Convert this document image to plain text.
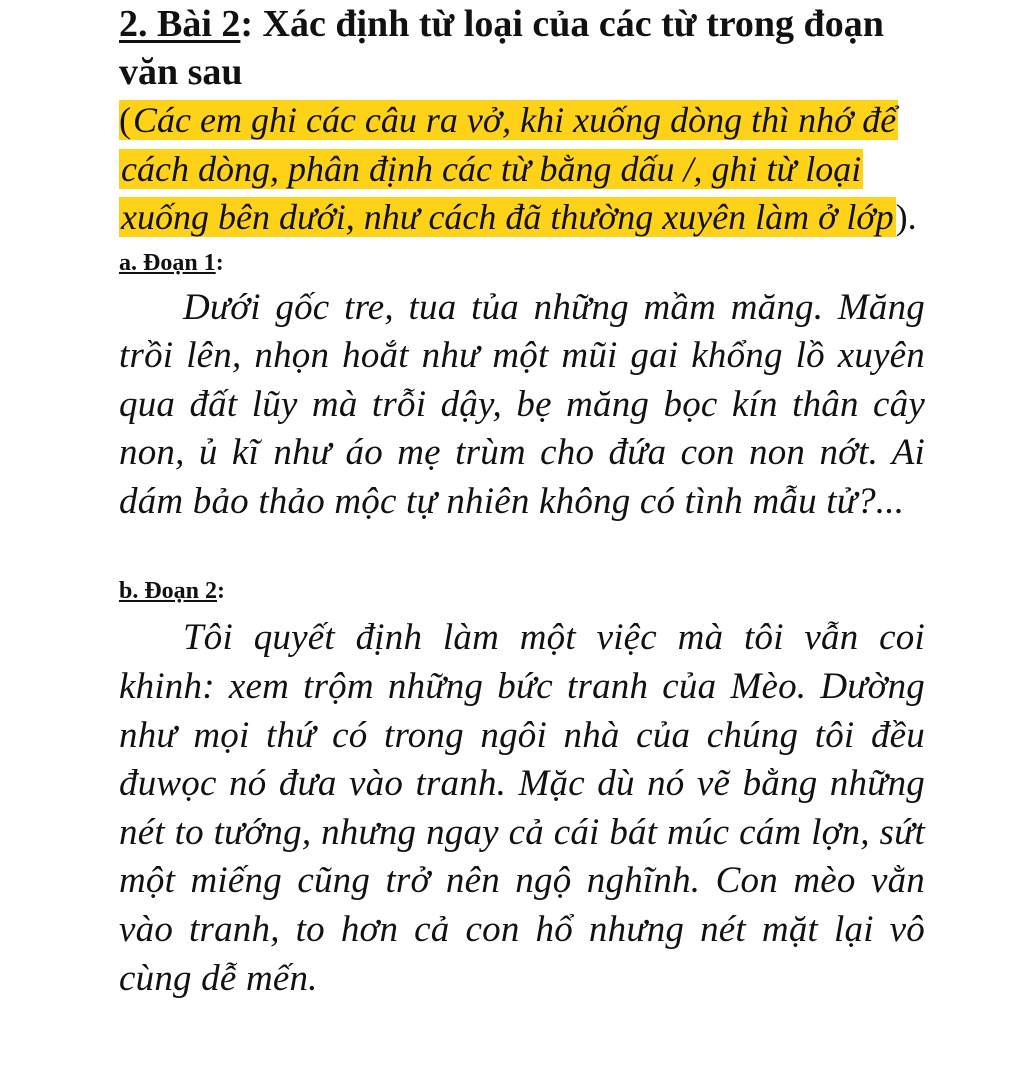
2. Bài 2: Xác định từ loại của các từ trong đoạn văn sau

(Các em ghi các câu ra vở, khi xuống dòng thì nhớ để cách dòng, phân định các từ bằng dấu /, ghi từ loại xuống bên dưới, như cách đã thường xuyên làm ở lớp).

a. Đoạn 1:

Dưới gốc tre, tua tủa những mầm măng. Măng trồi lên, nhọn hoắt như một mũi gai khổng lồ xuyên qua đất lũy mà trỗi dậy, bẹ măng bọc kín thân cây non, ủ kĩ như áo mẹ trùm cho đứa con non nớt. Ai dám bảo thảo mộc tự nhiên không có tình mẫu tử?...

b. Đoạn 2:

Tôi quyết định làm một việc mà tôi vẫn coi khinh: xem trộm những bức tranh của Mèo. Dường như mọi thứ có trong ngôi nhà của chúng tôi đều đuwọc nó đưa vào tranh. Mặc dù nó vẽ bằng những nét to tướng, nhưng ngay cả cái bát múc cám lợn, sứt một miếng cũng trở nên ngộ nghĩnh. Con mèo vằn vào tranh, to hơn cả con hổ nhưng nét mặt lại vô cùng dễ mến.
